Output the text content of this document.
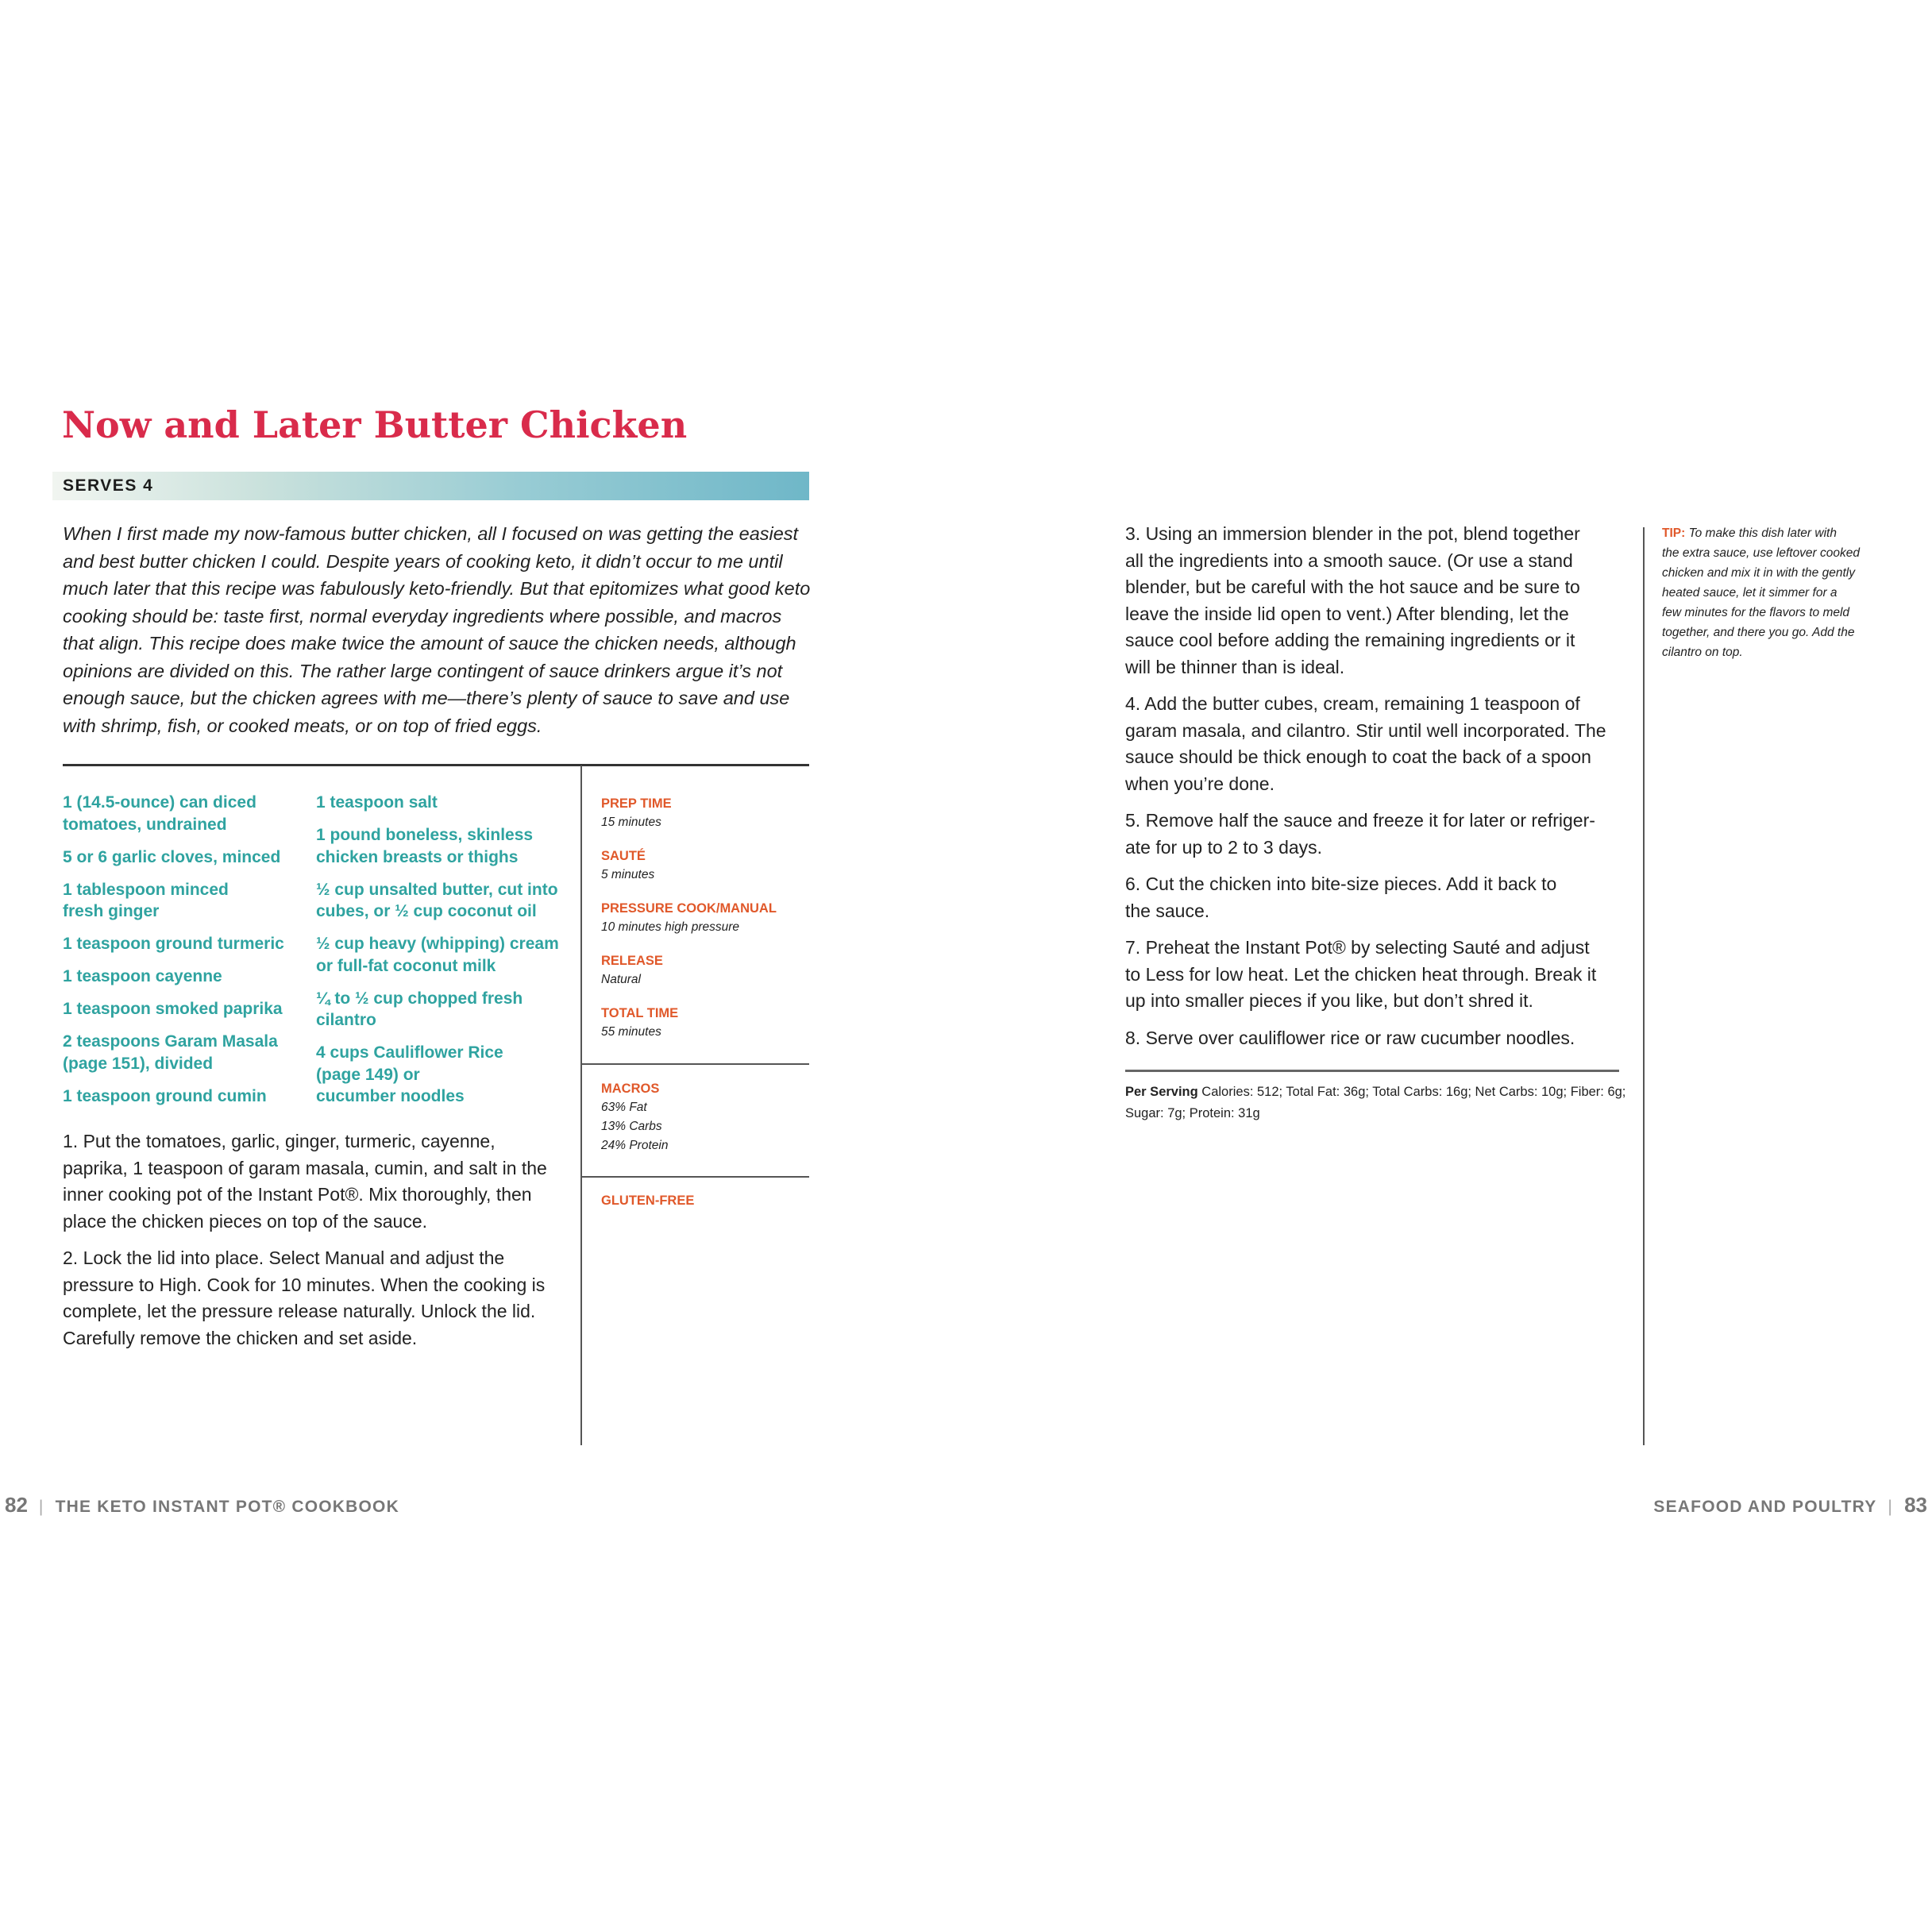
Now and Later Butter Chicken
SERVES 4
When I first made my now-famous butter chicken, all I focused on was getting the easiest and best butter chicken I could. Despite years of cooking keto, it didn’t occur to me until much later that this recipe was fabulously keto-friendly. But that epitomizes what good keto cooking should be: taste first, normal everyday ingredients where possible, and macros that align. This recipe does make twice the amount of sauce the chicken needs, although opinions are divided on this. The rather large contingent of sauce drinkers argue it’s not enough sauce, but the chicken agrees with me—there’s plenty of sauce to save and use with shrimp, fish, or cooked meats, or on top of fried eggs.
1 (14.5-ounce) can diced
tomatoes, undrained
5 or 6 garlic cloves, minced
1 tablespoon minced
fresh ginger
1 teaspoon ground turmeric
1 teaspoon cayenne
1 teaspoon smoked paprika
2 teaspoons Garam Masala
(page 151), divided
1 teaspoon ground cumin
1 teaspoon salt
1 pound boneless, skinless
chicken breasts or thighs
½ cup unsalted butter, cut into
cubes, or ½ cup coconut oil
½ cup heavy (whipping) cream
or full-fat coconut milk
¼ to ½ cup chopped fresh
cilantro
4 cups Cauliflower Rice
(page 149) or
cucumber noodles
PREP TIME
15 minutes
SAUTÉ
5 minutes
PRESSURE COOK/MANUAL
10 minutes high pressure
RELEASE
Natural
TOTAL TIME
55 minutes
MACROS
63% Fat
13% Carbs
24% Protein
GLUTEN-FREE
1. Put the tomatoes, garlic, ginger, turmeric, cayenne,
paprika, 1 teaspoon of garam masala, cumin, and salt in the
inner cooking pot of the Instant Pot®. Mix thoroughly, then
place the chicken pieces on top of the sauce.
2. Lock the lid into place. Select Manual and adjust the
pressure to High. Cook for 10 minutes. When the cooking is
complete, let the pressure release naturally. Unlock the lid.
Carefully remove the chicken and set aside.
3. Using an immersion blender in the pot, blend together
all the ingredients into a smooth sauce. (Or use a stand
blender, but be careful with the hot sauce and be sure to
leave the inside lid open to vent.) After blending, let the
sauce cool before adding the remaining ingredients or it
will be thinner than is ideal.
4. Add the butter cubes, cream, remaining 1 teaspoon of
garam masala, and cilantro. Stir until well incorporated. The
sauce should be thick enough to coat the back of a spoon
when you’re done.
5. Remove half the sauce and freeze it for later or refriger-
ate for up to 2 to 3 days.
6. Cut the chicken into bite-size pieces. Add it back to
the sauce.
7. Preheat the Instant Pot® by selecting Sauté and adjust
to Less for low heat. Let the chicken heat through. Break it
up into smaller pieces if you like, but don’t shred it.
8. Serve over cauliflower rice or raw cucumber noodles.
Per Serving Calories: 512; Total Fat: 36g; Total Carbs: 16g; Net Carbs: 10g; Fiber: 6g;
Sugar: 7g; Protein: 31g
TIP: To make this dish later with
the extra sauce, use leftover cooked
chicken and mix it in with the gently
heated sauce, let it simmer for a
few minutes for the flavors to meld
together, and there you go. Add the
cilantro on top.
82 | THE KETO INSTANT POT® COOKBOOK	SEAFOOD AND POULTRY | 83
